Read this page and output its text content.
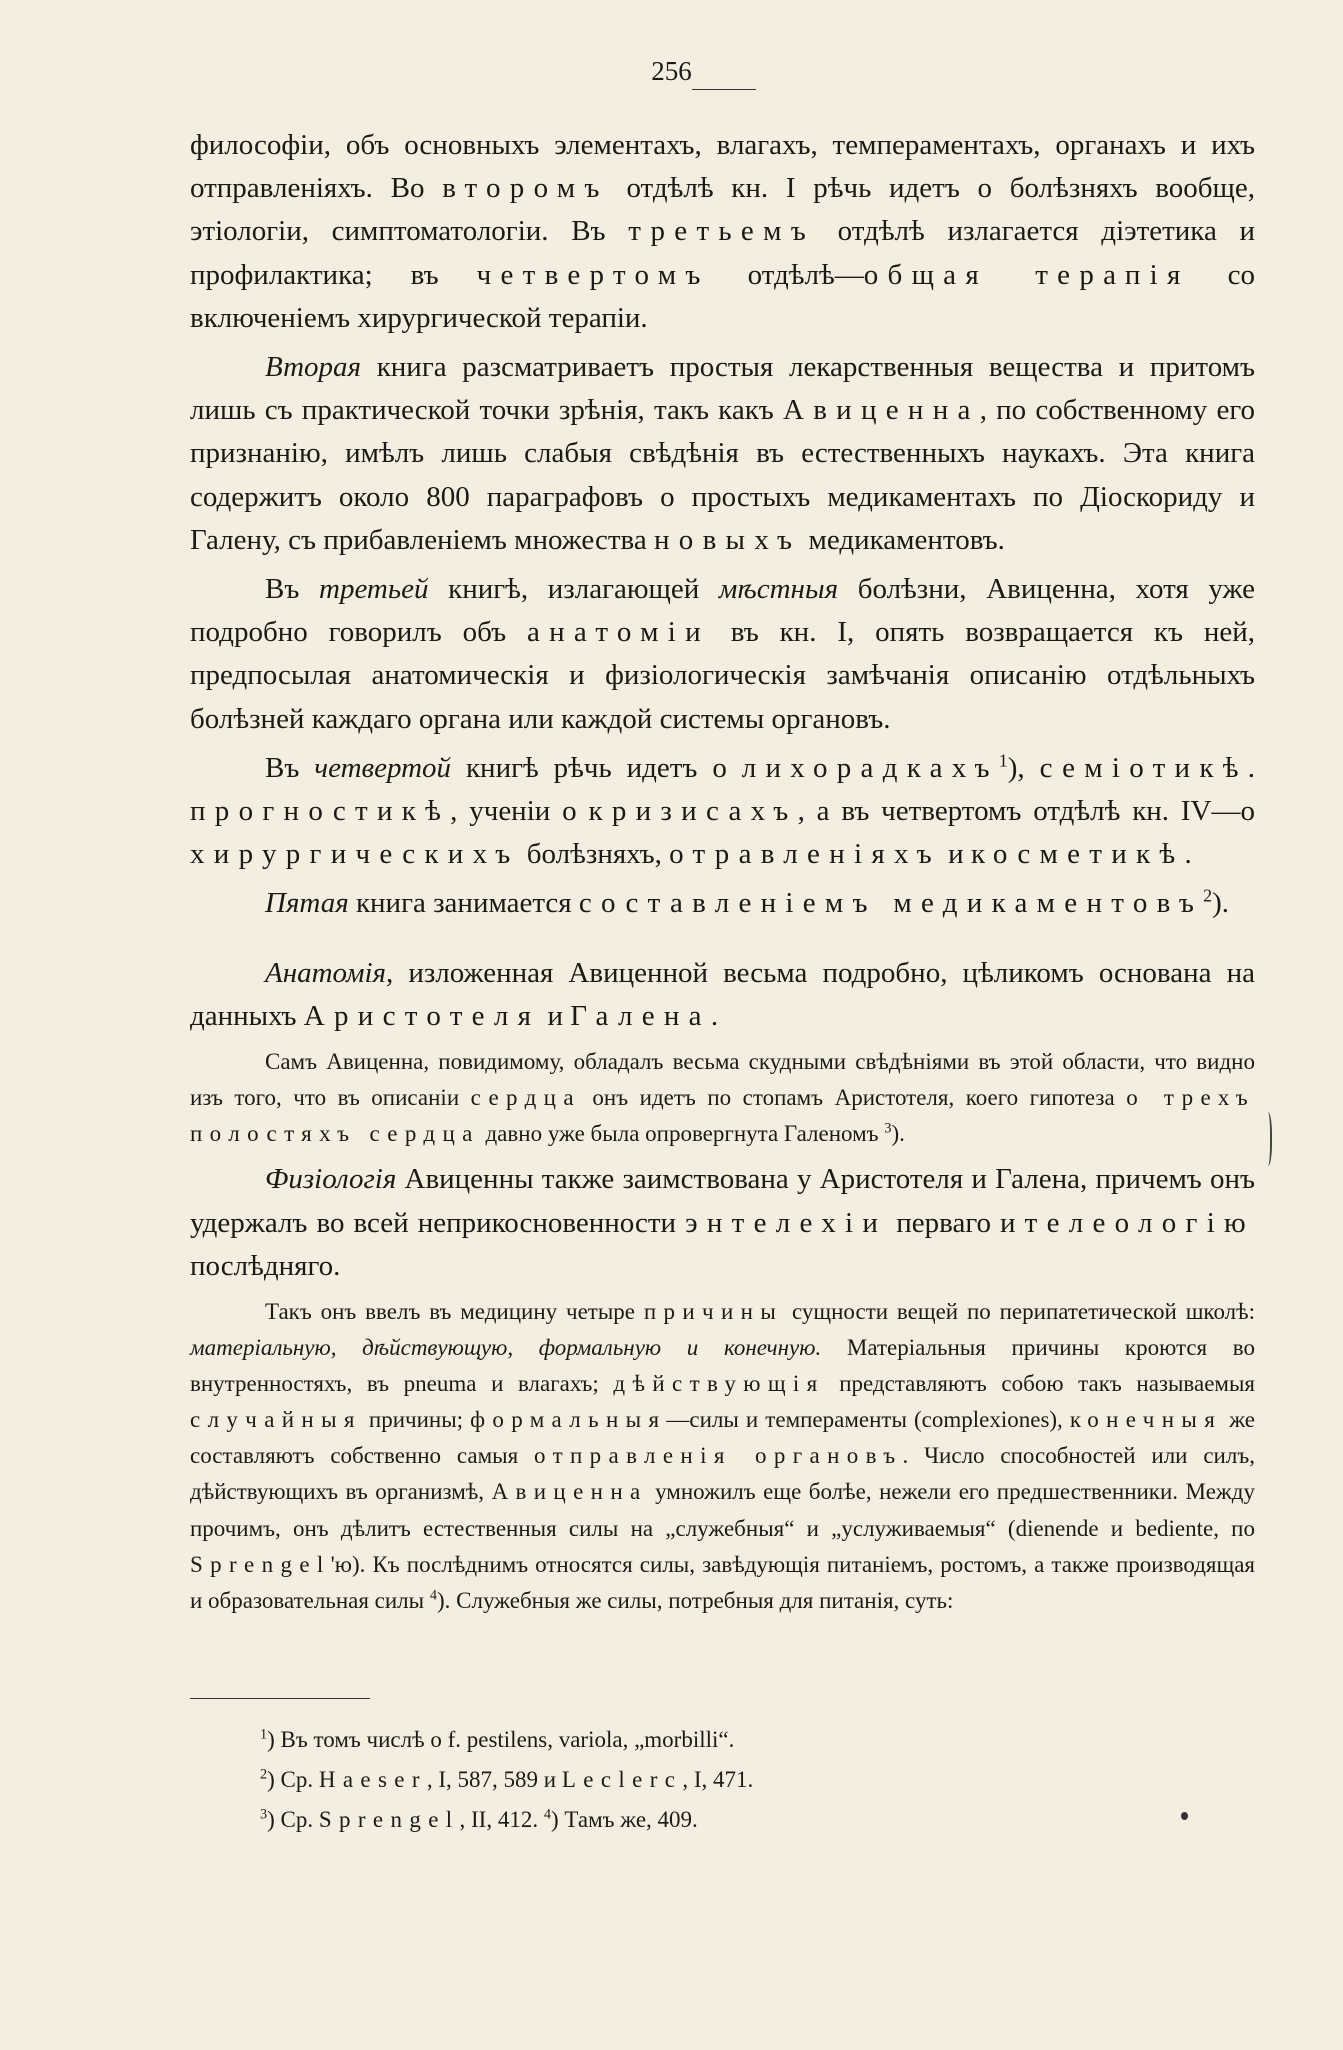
256

философіи, объ основныхъ элементахъ, влагахъ, темпераментахъ, органахъ и ихъ отправленіяхъ. Во второмъ отдѣлѣ кн. I рѣчь идетъ о болѣзняхъ вообще, этіологіи, симптоматологіи. Въ третьемъ отдѣлѣ излагается діэтетика и профилактика; въ четвертомъ отдѣлѣ—общая терапія со включеніемъ хирургической терапіи.

Вторая книга разсматриваетъ простыя лекарственныя вещества и притомъ лишь съ практической точки зрѣнія, такъ какъ Авиценна, по собственному его признанію, имѣлъ лишь слабыя свѣдѣнія въ естественныхъ наукахъ. Эта книга содержитъ около 800 параграфовъ о простыхъ медикаментахъ по Діоскориду и Галену, съ прибавленіемъ множества новыхъ медикаментовъ.

Въ третьей книгѣ, излагающей мѣстныя болѣзни, Авиценна, хотя уже подробно говорилъ объ анатоміи въ кн. I, опять возвращается къ ней, предпосылая анатомическія и физіологическія замѣчанія описанію отдѣльныхъ болѣзней каждаго органа или каждой системы органовъ.

Въ четвертой книгѣ рѣчь идетъ о лихорадкахъ$^1$), семіотикѣ. прогностикѣ, ученіи о кризисахъ, а въ четвертомъ отдѣлѣ кн. IV—о хирургическихъ болѣзняхъ, отравленіяхъ и косметикѣ.

Пятая книга занимается составленіемъ медикаментовъ$^2$).

Анатомія, изложенная Авиценной весьма подробно, цѣликомъ основана на данныхъ Аристотеля и Галена.

Самъ Авиценна, повидимому, обладалъ весьма скудными свѣдѣніями въ этой области, что видно изъ того, что въ описаніи сердца онъ идетъ по стопамъ Аристотеля, коего гипотеза о трехъ полостяхъ сердца давно уже была опровергнута Галеномъ $^3$).

Физіологія Авиценны также заимствована у Аристотеля и Галена, причемъ онъ удержалъ во всей неприкосновенности энтелехіи перваго и телеологію послѣдняго.

Такъ онъ ввелъ въ медицину четыре причины сущности вещей по перипатетической школѣ: матеріальную, дѣйствующую, формальную и конечную. Матеріальныя причины кроются во внутренностяхъ, въ pneuma и влагахъ; дѣйствующія представляютъ собою такъ называемыя случайныя причины; формальныя—силы и темпераменты (complexiones), конечныя же составляютъ собственно самыя отправленія органовъ. Число способностей или силъ, дѣйствующихъ въ организмѣ, Авиценна умножилъ еще болѣе, нежели его предшественники. Между прочимъ, онъ дѣлитъ естественныя силы на „служебныя“ и „услуживаемыя“ (dienende и bediente, по Sprengel'ю). Къ послѣднимъ относятся силы, завѣдующія питаніемъ, ростомъ, а также производящая и образовательная силы $^4$). Служебныя же силы, потребныя для питанія, суть:

$^1$) Въ томъ числѣ o f. pestilens, variola, „morbilli“.
$^2$) Ср. Haeser, I, 587, 589 и Leclerc, I, 471.
$^3$) Ср. Sprengel, II, 412. $^4$) Тамъ же, 409.
